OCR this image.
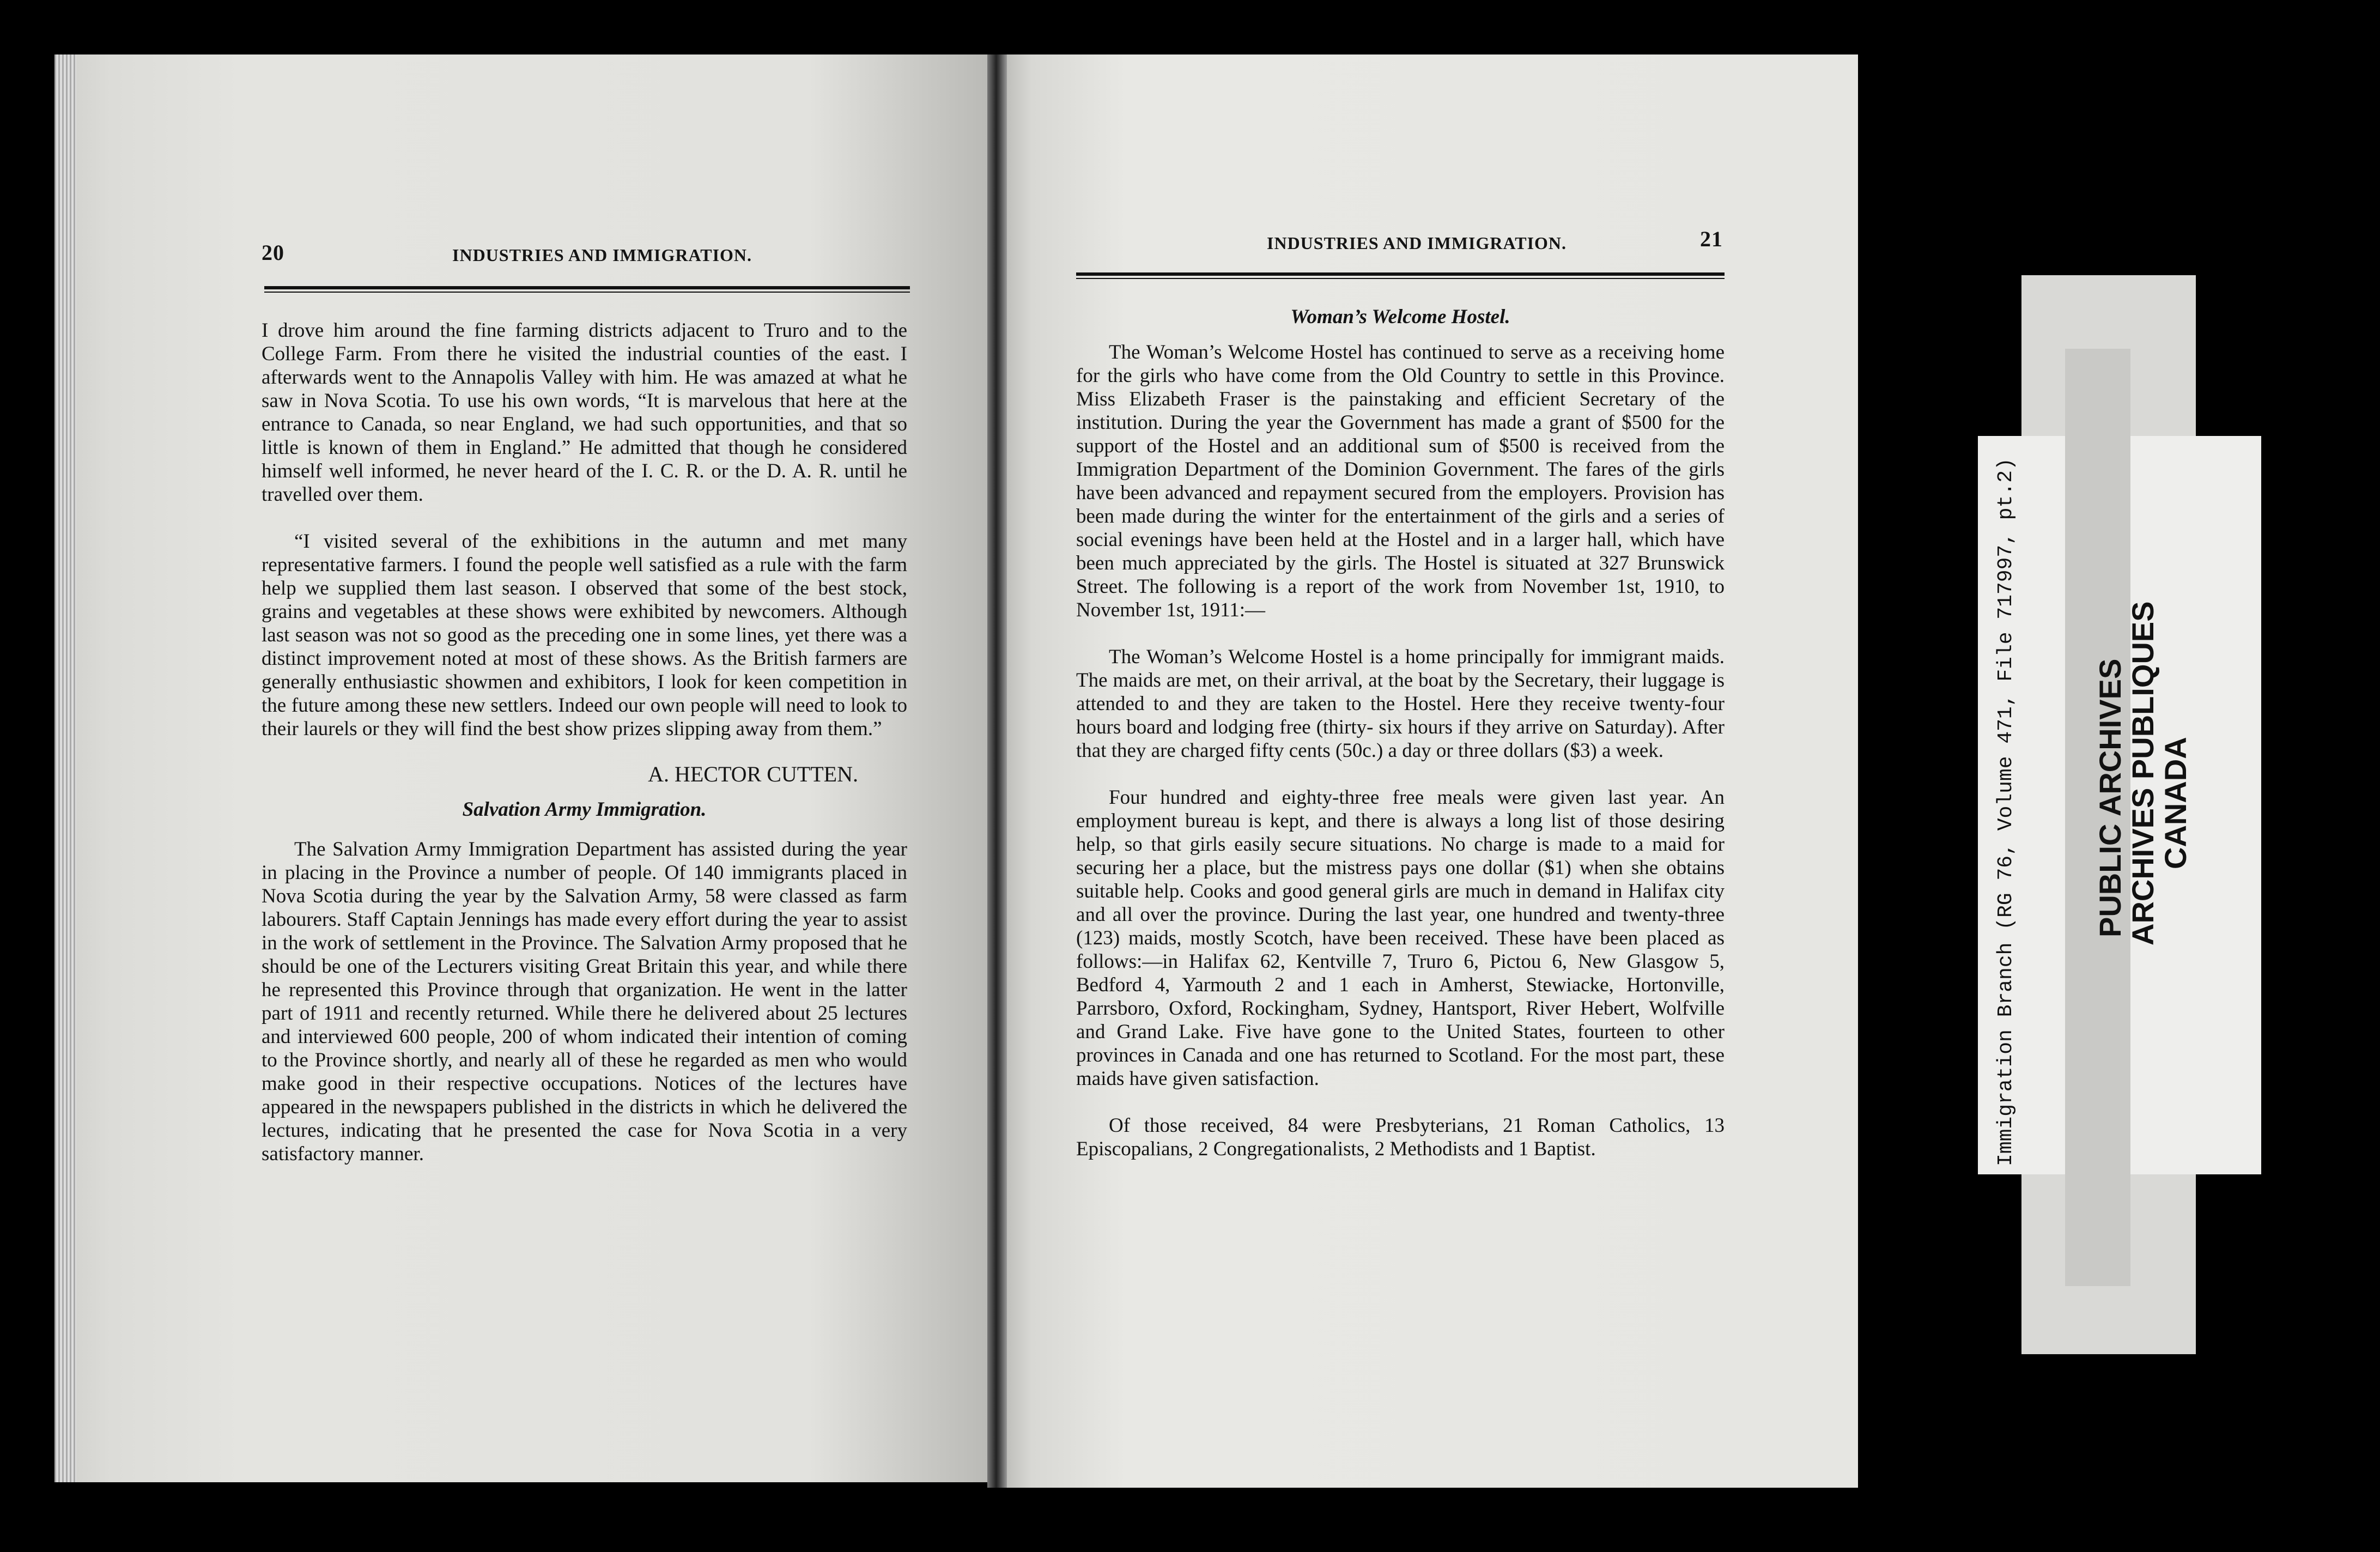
20	INDUSTRIES AND IMMIGRATION.

I drove him around the fine farming districts adjacent to Truro and to the College Farm. From there he visited the industrial counties of the east. I afterwards went to the Annapolis Valley with him. He was amazed at what he saw in Nova Scotia. To use his own words, “It is marvelous that here at the entrance to Canada, so near England, we had such opportunities, and that so little is known of them in England.” He admitted that though he considered himself well informed, he never heard of the I. C. R. or the D. A. R. until he travelled over them.

“I visited several of the exhibitions in the autumn and met many representative farmers. I found the people well satisfied as a rule with the farm help we supplied them last season. I observed that some of the best stock, grains and vegetables at these shows were exhibited by newcomers. Although last season was not so good as the preceding one in some lines, yet there was a distinct improvement noted at most of these shows. As the British farmers are generally enthusiastic showmen and exhibitors, I look for keen competition in the future among these new settlers. Indeed our own people will need to look to their laurels or they will find the best show prizes slipping away from them.”

A. HECTOR CUTTEN.
Salvation Army Immigration.

The Salvation Army Immigration Department has assisted during the year in placing in the Province a number of people. Of 140 immigrants placed in Nova Scotia during the year by the Salvation Army, 58 were classed as farm labourers. Staff Captain Jennings has made every effort during the year to assist in the work of settlement in the Province. The Salvation Army proposed that he should be one of the Lecturers visiting Great Britain this year, and while there he represented this Province through that organization. He went in the latter part of 1911 and recently returned. While there he delivered about 25 lectures and interviewed 600 people, 200 of whom indicated their intention of coming to the Province shortly, and nearly all of these he regarded as men who would make good in their respective occupations. Notices of the lectures have appeared in the newspapers published in the districts in which he delivered the lectures, indicating that he presented the case for Nova Scotia in a very satisfactory manner.

INDUSTRIES AND IMMIGRATION.	21
Woman’s Welcome Hostel.

The Woman’s Welcome Hostel has continued to serve as a receiving home for the girls who have come from the Old Country to settle in this Province. Miss Elizabeth Fraser is the painstaking and efficient Secretary of the institution. During the year the Government has made a grant of $500 for the support of the Hostel and an additional sum of $500 is received from the Immigration Department of the Dominion Government. The fares of the girls have been advanced and repayment secured from the employers. Provision has been made during the winter for the entertainment of the girls and a series of social evenings have been held at the Hostel and in a larger hall, which have been much appreciated by the girls. The Hostel is situated at 327 Brunswick Street. The following is a report of the work from November 1st, 1910, to November 1st, 1911:—

The Woman’s Welcome Hostel is a home principally for immigrant maids. The maids are met, on their arrival, at the boat by the Secretary, their luggage is attended to and they are taken to the Hostel. Here they receive twenty-four hours board and lodging free (thirty- six hours if they arrive on Saturday). After that they are charged fifty cents (50c.) a day or three dollars ($3) a week.

Four hundred and eighty-three free meals were given last year. An employment bureau is kept, and there is always a long list of those desiring help, so that girls easily secure situations. No charge is made to a maid for securing her a place, but the mistress pays one dollar ($1) when she obtains suitable help. Cooks and good general girls are much in demand in Halifax city and all over the province. During the last year, one hundred and twenty-three (123) maids, mostly Scotch, have been received. These have been placed as follows:—in Halifax 62, Kentville 7, Truro 6, Pictou 6, New Glasgow 5, Bedford 4, Yarmouth 2 and 1 each in Amherst, Stewiacke, Hortonville, Parrsboro, Oxford, Rockingham, Sydney, Hantsport, River Hebert, Wolfville and Grand Lake. Five have gone to the United States, fourteen to other provinces in Canada and one has returned to Scotland. For the most part, these maids have given satisfaction.

Of those received, 84 were Presbyterians, 21 Roman Catholics, 13 Episcopalians, 2 Congregationalists, 2 Methodists and 1 Baptist.	Immigration Branch (RG 76, Volume 471, File 717997, pt.2) PUBLIC ARCHIVES
ARCHIVES PUBLIQUES
CANADA
